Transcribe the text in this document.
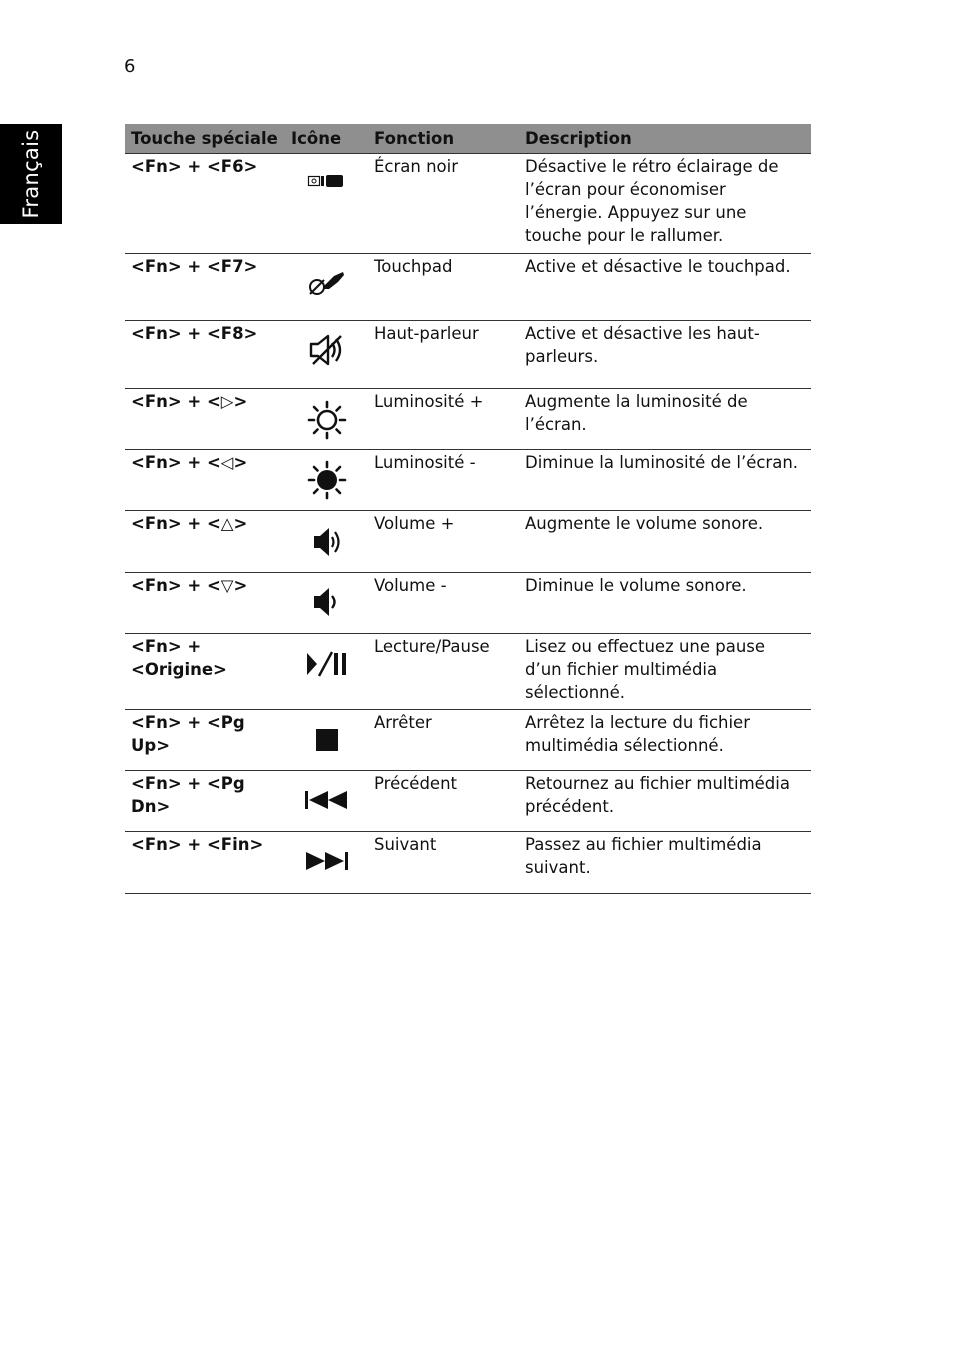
6
Français	Touche spéciale	Icône	Fonction	Description
<Fn> + <F6>		Écran noir	Désactive le rétro éclairage de l’écran pour économiser l’énergie. Appuyez sur une touche pour le rallumer.
<Fn> + <F7>		Touchpad	Active et désactive le touchpad.
<Fn> + <F8>		Haut-parleur	Active et désactive les haut-parleurs.
<Fn> + <▷>		Luminosité +	Augmente la luminosité de l’écran.
<Fn> + <◁>		Luminosité -	Diminue la luminosité de l’écran.
<Fn> + <△>		Volume +	Augmente le volume sonore.
<Fn> + <▽>		Volume -	Diminue le volume sonore.
<Fn> + <Origine>		Lecture/Pause	Lisez ou effectuez une pause d’un fichier multimédia sélectionné.
<Fn> + <Pg Up>		Arrêter	Arrêtez la lecture du fichier multimédia sélectionné.
<Fn> + <Pg Dn>		Précédent	Retournez au fichier multimédia précédent.
<Fn> + <Fin>		Suivant	Passez au fichier multimédia suivant.
